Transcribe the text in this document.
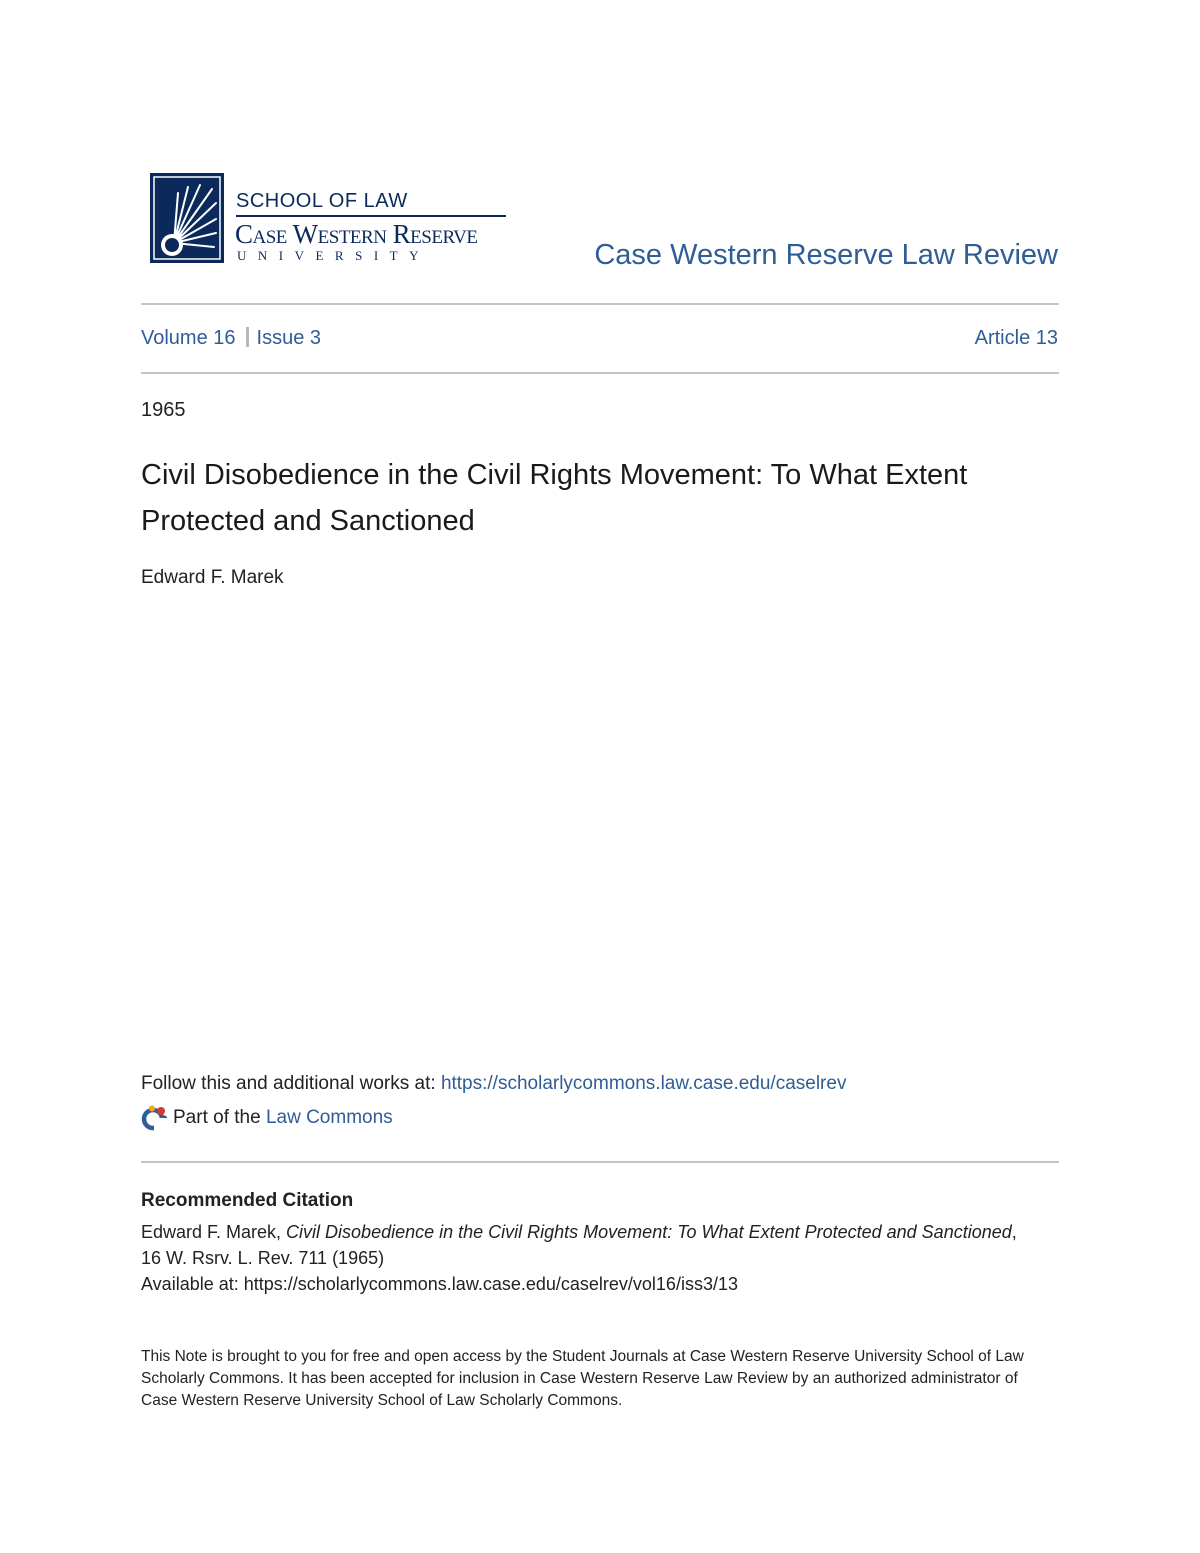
SCHOOL OF LAW
Case Western Reserve
UNIVERSITY	Case Western Reserve Law Review
Volume 16 Issue 3	Article 13
1965
Civil Disobedience in the Civil Rights Movement: To What Extent Protected and Sanctioned
Edward F. Marek
Follow this and additional works at: https://scholarlycommons.law.case.edu/caselrev
Part of the Law Commons
Recommended Citation
Edward F. Marek, Civil Disobedience in the Civil Rights Movement: To What Extent Protected and Sanctioned, 16 W. Rsrv. L. Rev. 711 (1965)
Available at: https://scholarlycommons.law.case.edu/caselrev/vol16/iss3/13
This Note is brought to you for free and open access by the Student Journals at Case Western Reserve University School of Law Scholarly Commons. It has been accepted for inclusion in Case Western Reserve Law Review by an authorized administrator of Case Western Reserve University School of Law Scholarly Commons.
